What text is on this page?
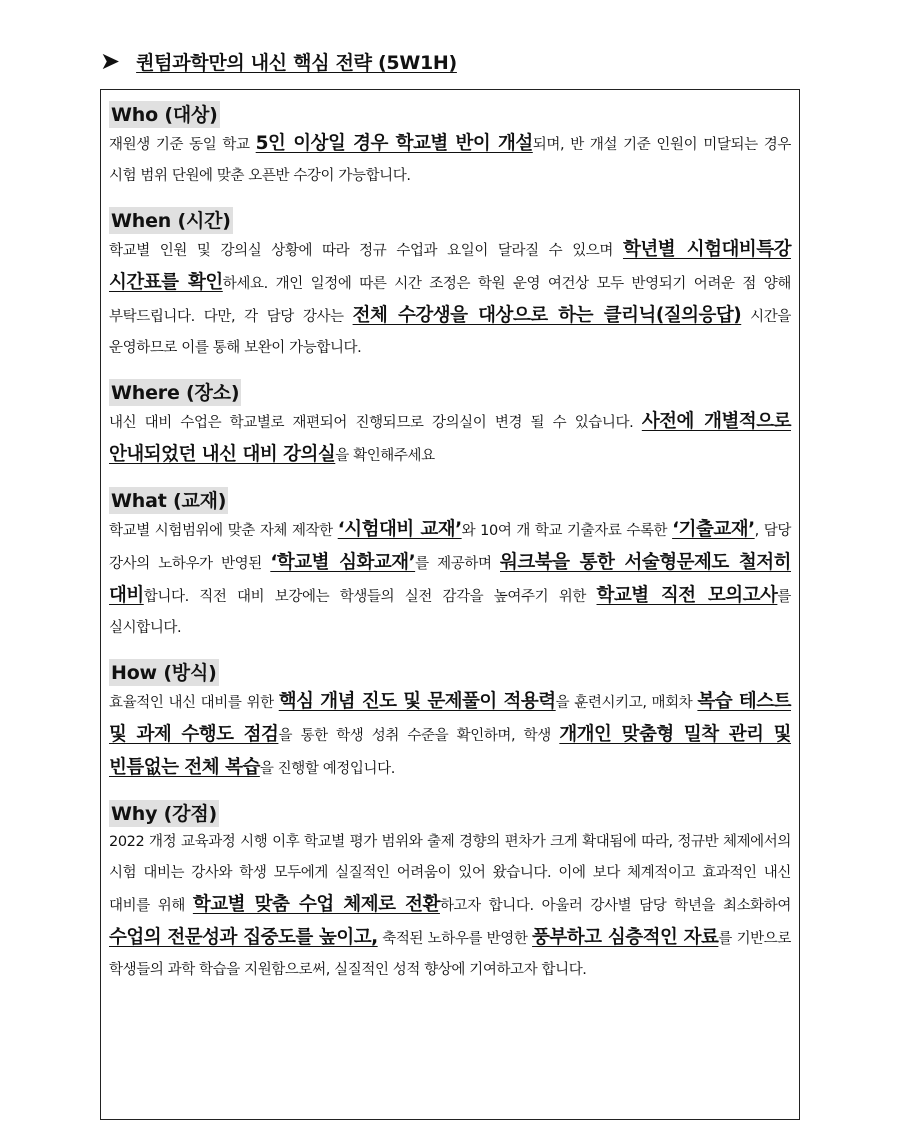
➤ 퀀텀과학만의 내신 핵심 전략 (5W1H)
Who (대상)

재원생 기준 동일 학교 5인 이상일 경우 학교별 반이 개설되며, 반 개설 기준 인원이 미달되는 경우 시험 범위 단원에 맞춘 오픈반 수강이 가능합니다.

When (시간)

학교별 인원 및 강의실 상황에 따라 정규 수업과 요일이 달라질 수 있으며 학년별 시험대비특강 시간표를 확인하세요. 개인 일정에 따른 시간 조정은 학원 운영 여건상 모두 반영되기 어려운 점 양해 부탁드립니다. 다만, 각 담당 강사는 전체 수강생을 대상으로 하는 클리닉(질의응답) 시간을 운영하므로 이를 통해 보완이 가능합니다.

Where (장소)

내신 대비 수업은 학교별로 재편되어 진행되므로 강의실이 변경 될 수 있습니다. 사전에 개별적으로 안내되었던 내신 대비 강의실을 확인해주세요

What (교재)

학교별 시험범위에 맞춘 자체 제작한 ‘시험대비 교재’와 10여 개 학교 기출자료 수록한 ‘기출교재’, 담당 강사의 노하우가 반영된 ‘학교별 심화교재’를 제공하며 워크북을 통한 서술형문제도 철저히 대비합니다. 직전 대비 보강에는 학생들의 실전 감각을 높여주기 위한 학교별 직전 모의고사를 실시합니다.

How (방식)

효율적인 내신 대비를 위한 핵심 개념 진도 및 문제풀이 적용력을 훈련시키고, 매회차 복습 테스트 및 과제 수행도 점검을 통한 학생 성취 수준을 확인하며, 학생 개개인 맞춤형 밀착 관리 및 빈틈없는 전체 복습을 진행할 예정입니다.

Why (강점)

2022 개정 교육과정 시행 이후 학교별 평가 범위와 출제 경향의 편차가 크게 확대됨에 따라, 정규반 체제에서의 시험 대비는 강사와 학생 모두에게 실질적인 어려움이 있어 왔습니다. 이에 보다 체계적이고 효과적인 내신 대비를 위해 학교별 맞춤 수업 체제로 전환하고자 합니다. 아울러 강사별 담당 학년을 최소화하여 수업의 전문성과 집중도를 높이고, 축적된 노하우를 반영한 풍부하고 심층적인 자료를 기반으로 학생들의 과학 학습을 지원함으로써, 실질적인 성적 향상에 기여하고자 합니다.
